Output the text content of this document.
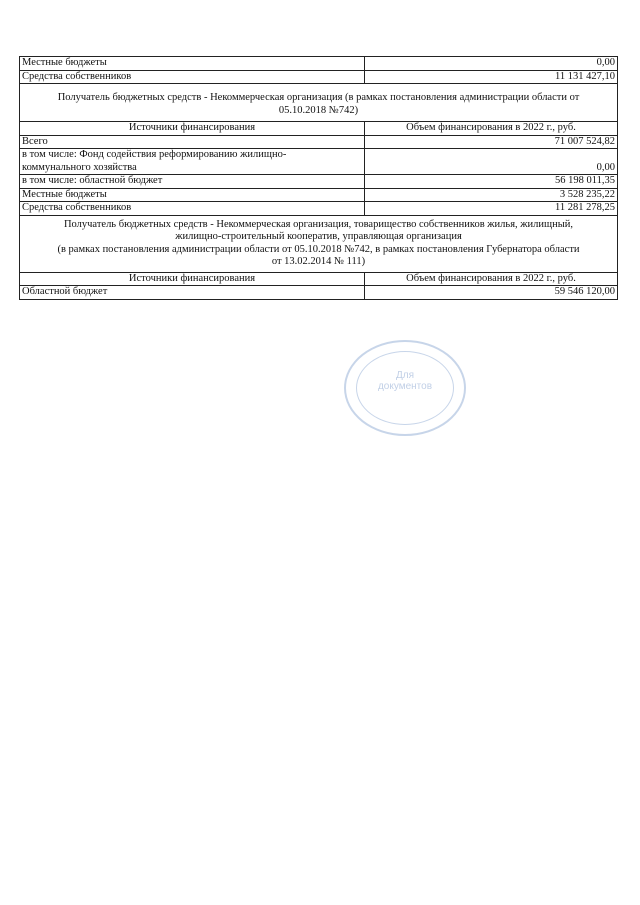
Местные бюджеты	0,00
Средства собственников	11 131 427,10

Получатель бюджетных средств - Некоммерческая организация (в рамках постановления администрации области от
05.10.2018 №742)	

Источники финансирования	Объем финансирования в 2022 г., руб.
Всего	71 007 524,82

в том числе: Фонд содействия реформированию жилищно-
коммунального хозяйства	0,00
в том числе: областной бюджет	56 198 011,35
Местные бюджеты	3 528 235,22
Средства собственников	11 281 278,25

Получатель бюджетных средств - Некоммерческая организация, товарищество собственников жилья, жилищный,
жилищно-строительный кооператив, управляющая организация
(в рамках постановления администрации области от 05.10.2018 №742, в рамках постановления Губернатора области
от 13.02.2014 № 111)	

Источники финансирования	Объем финансирования в 2022 г., руб.
Областной бюджет	59 546 120,00
Для
документов
